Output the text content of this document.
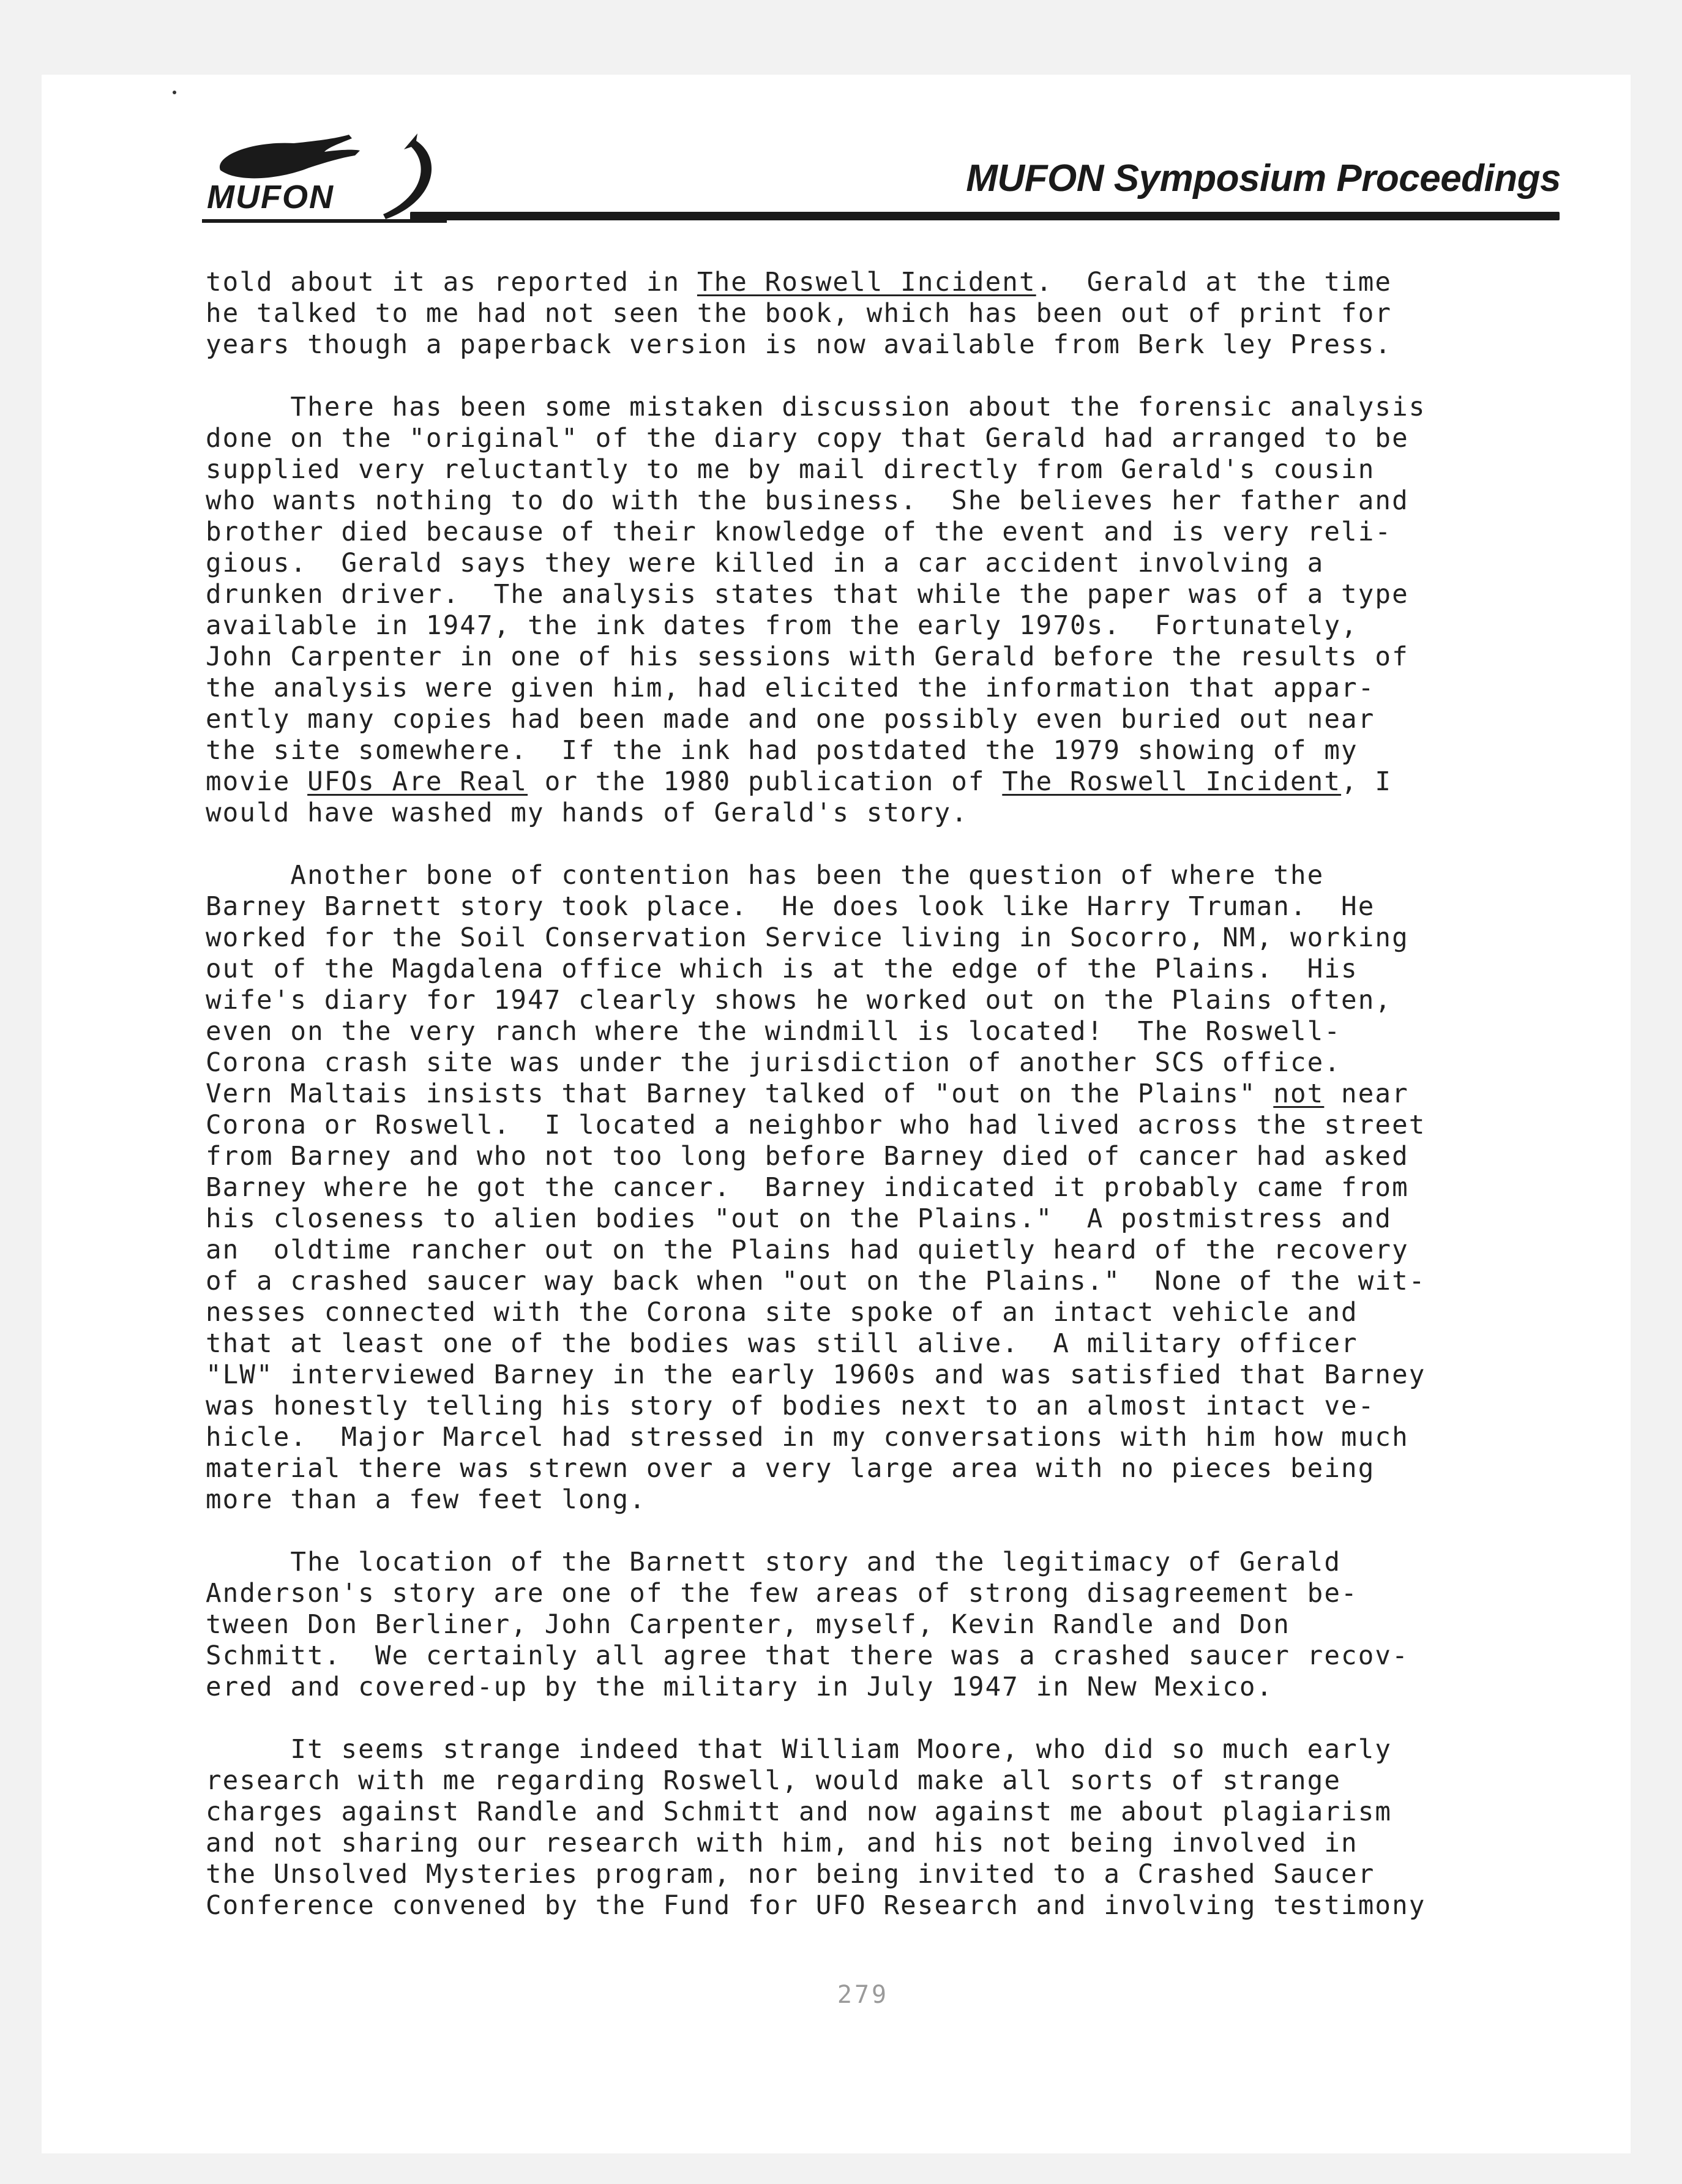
MUFON	MUFON Symposium Proceedings
told about it as reported in The Roswell Incident.  Gerald at the time
he talked to me had not seen the book, which has been out of print for
years though a paperback version is now available from Berk ley Press.
There has been some mistaken discussion about the forensic analysis
done on the "original" of the diary copy that Gerald had arranged to be
supplied very reluctantly to me by mail directly from Gerald's cousin
who wants nothing to do with the business.  She believes her father and
brother died because of their knowledge of the event and is very reli-
gious.  Gerald says they were killed in a car accident involving a
drunken driver.  The analysis states that while the paper was of a type
available in 1947, the ink dates from the early 1970s.  Fortunately,
John Carpenter in one of his sessions with Gerald before the results of
the analysis were given him, had elicited the information that appar-
ently many copies had been made and one possibly even buried out near
the site somewhere.  If the ink had postdated the 1979 showing of my
movie UFOs Are Real or the 1980 publication of The Roswell Incident, I
would have washed my hands of Gerald's story.
Another bone of contention has been the question of where the
Barney Barnett story took place.  He does look like Harry Truman.  He
worked for the Soil Conservation Service living in Socorro, NM, working
out of the Magdalena office which is at the edge of the Plains.  His
wife's diary for 1947 clearly shows he worked out on the Plains often,
even on the very ranch where the windmill is located!  The Roswell-
Corona crash site was under the jurisdiction of another SCS office.
Vern Maltais insists that Barney talked of "out on the Plains" not near
Corona or Roswell.  I located a neighbor who had lived across the street
from Barney and who not too long before Barney died of cancer had asked
Barney where he got the cancer.  Barney indicated it probably came from
his closeness to alien bodies "out on the Plains."  A postmistress and
an  oldtime rancher out on the Plains had quietly heard of the recovery
of a crashed saucer way back when "out on the Plains."  None of the wit-
nesses connected with the Corona site spoke of an intact vehicle and
that at least one of the bodies was still alive.  A military officer
"LW" interviewed Barney in the early 1960s and was satisfied that Barney
was honestly telling his story of bodies next to an almost intact ve-
hicle.  Major Marcel had stressed in my conversations with him how much
material there was strewn over a very large area with no pieces being
more than a few feet long.
The location of the Barnett story and the legitimacy of Gerald
Anderson's story are one of the few areas of strong disagreement be-
tween Don Berliner, John Carpenter, myself, Kevin Randle and Don
Schmitt.  We certainly all agree that there was a crashed saucer recov-
ered and covered-up by the military in July 1947 in New Mexico.
It seems strange indeed that William Moore, who did so much early
research with me regarding Roswell, would make all sorts of strange
charges against Randle and Schmitt and now against me about plagiarism
and not sharing our research with him, and his not being involved in
the Unsolved Mysteries program, nor being invited to a Crashed Saucer
Conference convened by the Fund for UFO Research and involving testimony
279
